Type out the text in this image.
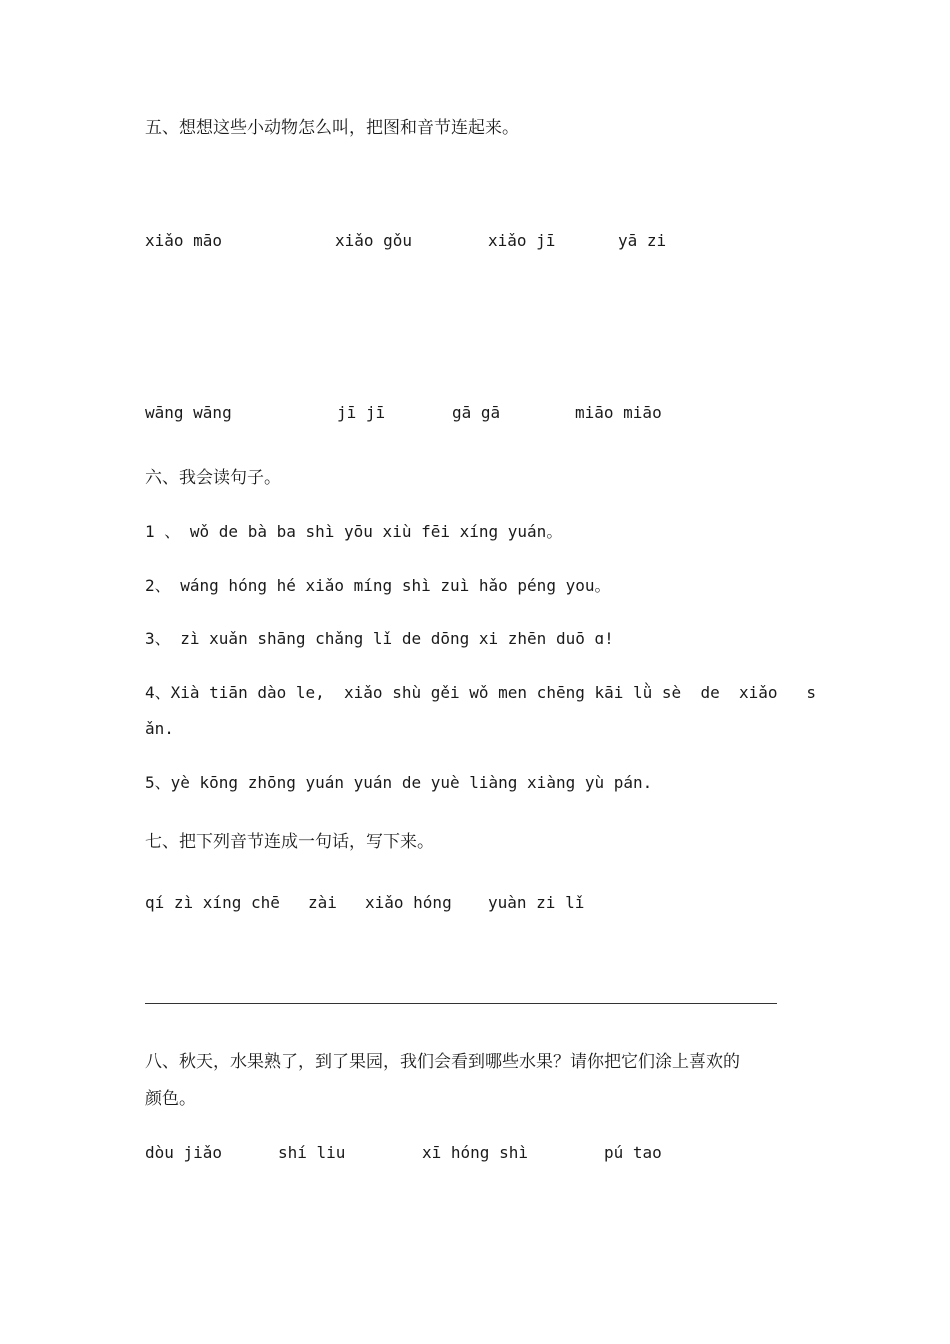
五、想想这些小动物怎么叫，把图和音节连起来。
xiǎo māo	xiǎo gǒu	xiǎo jī	yā zi
wāng wāng	jī jī	gā gā	miāo miāo
六、我会读句子。
1 、 wǒ de bà ba shì yōu xiù fēi xíng yuán。
2、 wáng hóng hé xiǎo míng shì zuì hǎo péng you。
3、 zì xuǎn shāng chǎng lǐ de dōng xi zhēn duō ɑ!
4、Xià tiān dào le,  xiǎo shù gěi wǒ men chēng kāi lǜ sè  de  xiǎo   s
ǎn.
5、yè kōng zhōng yuán yuán de yuè liàng xiàng yù pán.
七、把下列音节连成一句话，写下来。
qí zì xíng chē zài xiǎo hóng yuàn zi lǐ
八、秋天，水果熟了，到了果园，我们会看到哪些水果？请你把它们涂上喜欢的
颜色。
dòu jiǎo	shí liu	xī hóng shì	pú tao
